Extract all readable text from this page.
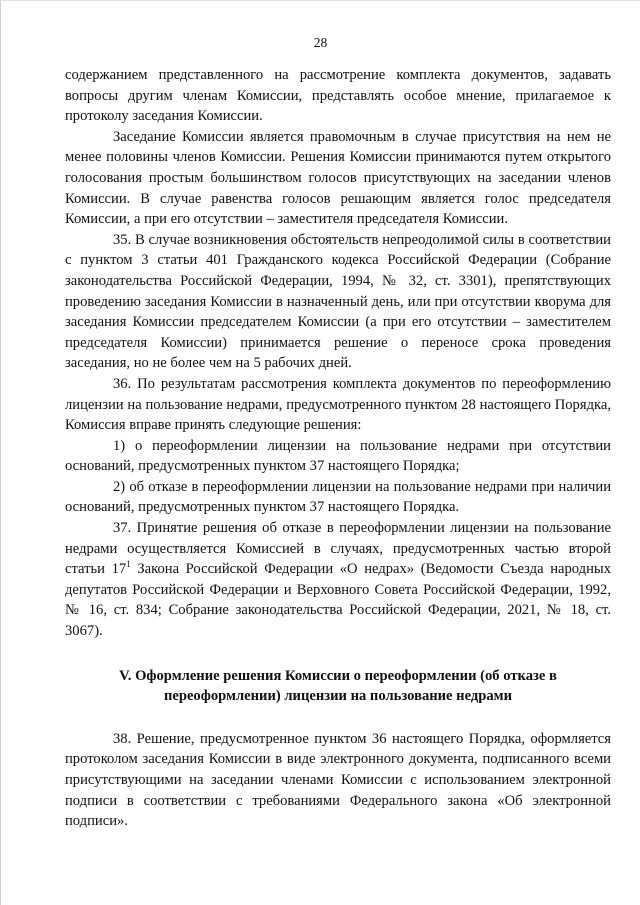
28

содержанием представленного на рассмотрение комплекта документов, задавать вопросы другим членам Комиссии, представлять особое мнение, прилагаемое к протоколу заседания Комиссии.

Заседание Комиссии является правомочным в случае присутствия на нем не менее половины членов Комиссии. Решения Комиссии принимаются путем открытого голосования простым большинством голосов присутствующих на заседании членов Комиссии. В случае равенства голосов решающим является голос председателя Комиссии, а при его отсутствии – заместителя председателя Комиссии.

35. В случае возникновения обстоятельств непреодолимой силы в соответствии с пунктом 3 статьи 401 Гражданского кодекса Российской Федерации (Собрание законодательства Российской Федерации, 1994, № 32, ст. 3301), препятствующих проведению заседания Комиссии в назначенный день, или при отсутствии кворума для заседания Комиссии председателем Комиссии (а при его отсутствии – заместителем председателя Комиссии) принимается решение о переносе срока проведения заседания, но не более чем на 5 рабочих дней.

36. По результатам рассмотрения комплекта документов по переоформлению лицензии на пользование недрами, предусмотренного пунктом 28 настоящего Порядка, Комиссия вправе принять следующие решения:

1) о переоформлении лицензии на пользование недрами при отсутствии оснований, предусмотренных пунктом 37 настоящего Порядка;

2) об отказе в переоформлении лицензии на пользование недрами при наличии оснований, предусмотренных пунктом 37 настоящего Порядка.

37. Принятие решения об отказе в переоформлении лицензии на пользование недрами осуществляется Комиссией в случаях, предусмотренных частью второй статьи $17^1$ Закона Российской Федерации «О недрах» (Ведомости Съезда народных депутатов Российской Федерации и Верховного Совета Российской Федерации, 1992, № 16, ст. 834; Собрание законодательства Российской Федерации, 2021, № 18, ст. 3067).

V. Оформление решения Комиссии о переоформлении (об отказе в
переоформлении) лицензии на пользование недрами

38. Решение, предусмотренное пунктом 36 настоящего Порядка, оформляется протоколом заседания Комиссии в виде электронного документа, подписанного всеми присутствующими на заседании членами Комиссии с использованием электронной подписи в соответствии с требованиями Федерального закона «Об электронной подписи».
